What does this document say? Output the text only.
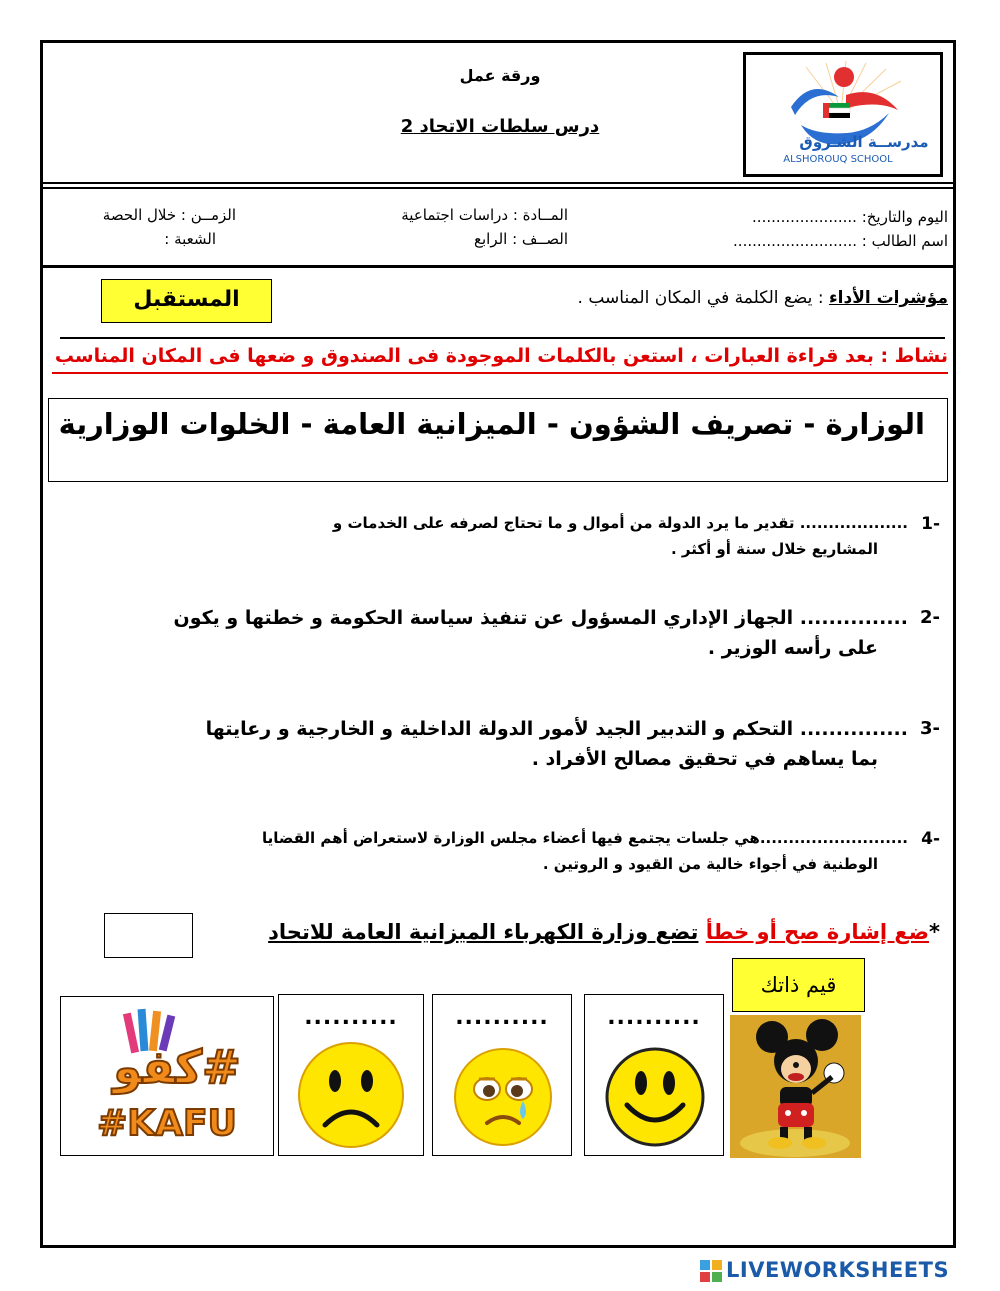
مدرســة الشـروق
ALSHOROUQ SCHOOL
ورقة عمل
درس سلطات الاتحاد 2
اليوم والتاريخ: ......................
اسم الطالب : ..........................
المــادة : دراسات اجتماعية
الصــف : الرابع
الزمــن : خلال الحصة
الشعبة :
مؤشرات الأداء : يضع الكلمة في المكان المناسب .
المستقبل
نشاط : بعد قراءة العبارات ، استعن بالكلمات الموجودة فى الصندوق و ضعها فى المكان المناسب
الوزارة - تصريف الشؤون - الميزانية العامة - الخلوات الوزارية
-1
................... تقدير ما يرد الدولة من أموال و ما تحتاج لصرفه على الخدمات و
المشاريع خلال سنة أو أكثر .
-2
............... الجهاز الإداري المسؤول عن تنفيذ سياسة الحكومة و خطتها و يكون
على رأسه الوزير .
-3
............... التحكم و التدبير الجيد لأمور الدولة الداخلية و الخارجية و رعايتها
بما يساهم في تحقيق مصالح الأفراد .
-4
..........................هي جلسات يجتمع فيها أعضاء مجلس الوزارة لاستعراض أهم القضايا
الوطنية في أجواء خالية من القيود و الروتين .
*ضع إشارة صح أو خطأ تضع وزارة الكهرباء الميزانية العامة للاتحاد
قيم ذاتك
..........
..........
..........
#كفو
#KAFU
LIVEWORKSHEETS
